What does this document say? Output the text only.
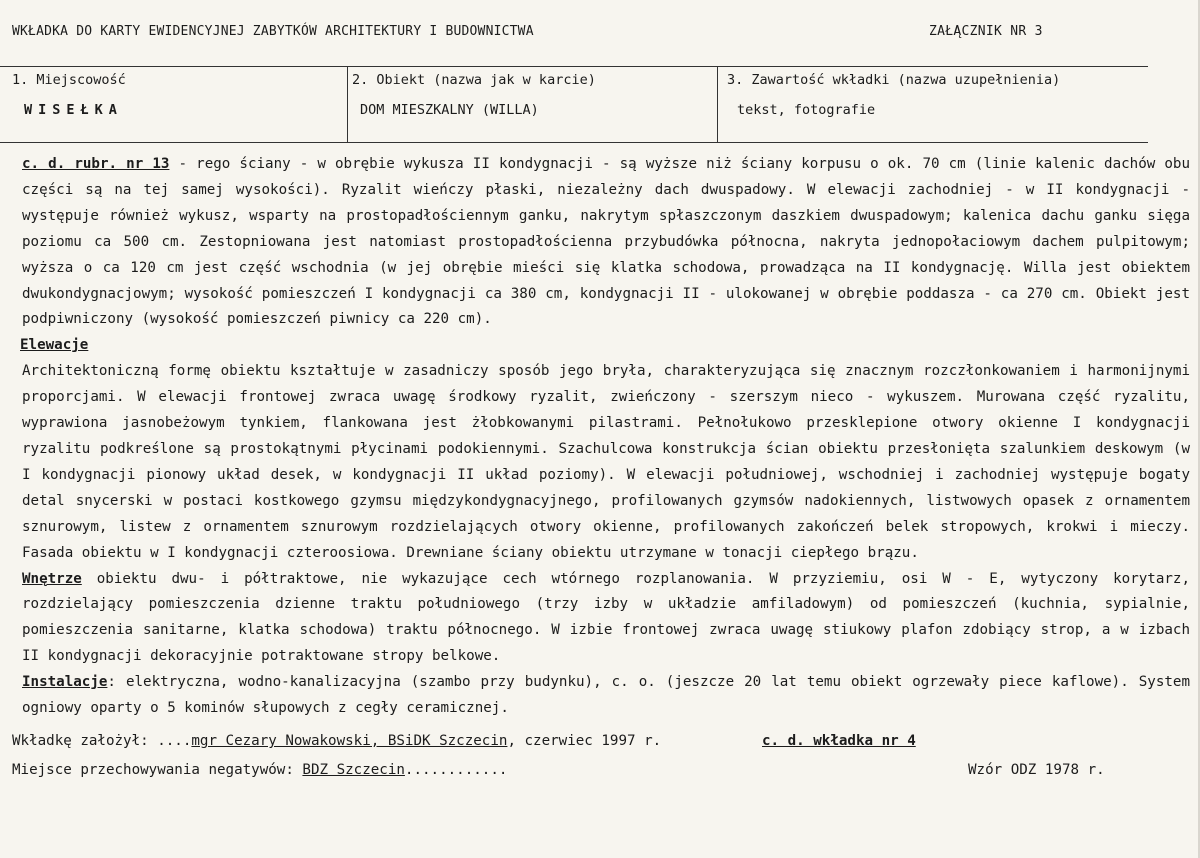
WKŁADKA DO KARTY EWIDENCYJNEJ ZABYTKÓW ARCHITEKTURY I BUDOWNICTWA	ZAŁĄCZNIK NR 3
1. Miejscowość
WISEŁKA
2. Obiekt (nazwa jak w karcie)
DOM MIESZKALNY (WILLA)
3. Zawartość wkładki (nazwa uzupełnienia)
tekst, fotografie

c. d. rubr. nr 13 - rego ściany - w obrębie wykusza II kondygnacji - są wyższe niż ściany korpusu o ok. 70 cm (linie kalenic dachów obu części są na tej samej wysokości). Ryzalit wieńczy płaski, niezależny dach dwuspadowy. W elewacji zachodniej - w II kondygnacji - występuje również wykusz, wsparty na prostopadłościennym ganku, nakrytym spłaszczonym daszkiem dwuspadowym; kalenica dachu ganku sięga poziomu ca 500 cm. Zestopniowana jest natomiast prostopadłościenna przybudówka północna, nakryta jednopołaciowym dachem pulpitowym; wyższa o ca 120 cm jest część wschodnia (w jej obrębie mieści się klatka schodowa, prowadząca na II kondygnację. Willa jest obiektem dwukondygnacjowym; wysokość pomieszczeń I kondygnacji ca 380 cm, kondygnacji II - ulokowanej w obrębie poddasza - ca 270 cm. Obiekt jest podpiwniczony (wysokość pomieszczeń piwnicy ca 220 cm).

Elewacje

Architektoniczną formę obiektu kształtuje w zasadniczy sposób jego bryła, charakteryzująca się znacznym rozczłonkowaniem i harmonijnymi proporcjami. W elewacji frontowej zwraca uwagę środkowy ryzalit, zwieńczony - szerszym nieco - wykuszem. Murowana część ryzalitu, wyprawiona jasnobeżowym tynkiem, flankowana jest żłobkowanymi pilastrami. Pełnołukowo przesklepione otwory okienne I kondygnacji ryzalitu podkreślone są prostokątnymi płycinami podokiennymi. Szachulcowa konstrukcja ścian obiektu przesłonięta szalunkiem deskowym (w I kondygnacji pionowy układ desek, w kondygnacji II układ poziomy). W elewacji południowej, wschodniej i zachodniej występuje bogaty detal snycerski w postaci kostkowego gzymsu międzykondygnacyjnego, profilowanych gzymsów nadokiennych, listwowych opasek z ornamentem sznurowym, listew z ornamentem sznurowym rozdzielających otwory okienne, profilowanych zakończeń belek stropowych, krokwi i mieczy. Fasada obiektu w I kondygnacji czteroosiowa. Drewniane ściany obiektu utrzymane w tonacji ciepłego brązu.

Wnętrze obiektu dwu- i półtraktowe, nie wykazujące cech wtórnego rozplanowania. W przyziemiu, osi W - E, wytyczony korytarz, rozdzielający pomieszczenia dzienne traktu południowego (trzy izby w układzie amfiladowym) od pomieszczeń (kuchnia, sypialnie, pomieszczenia sanitarne, klatka schodowa) traktu północnego. W izbie frontowej zwraca uwagę stiukowy plafon zdobiący strop, a w izbach II kondygnacji dekoracyjnie potraktowane stropy belkowe.

Instalacje: elektryczna, wodno-kanalizacyjna (szambo przy budynku), c. o. (jeszcze 20 lat temu obiekt ogrzewały piece kaflowe). System ogniowy oparty o 5 kominów słupowych z cegły ceramicznej.

Wkładkę założył: ....mgr Cezary Nowakowski, BSiDK Szczecin, czerwiec 1997 r.	c. d. wkładka nr 4
Miejsce przechowywania negatywów: BDZ Szczecin............	Wzór ODZ 1978 r.
